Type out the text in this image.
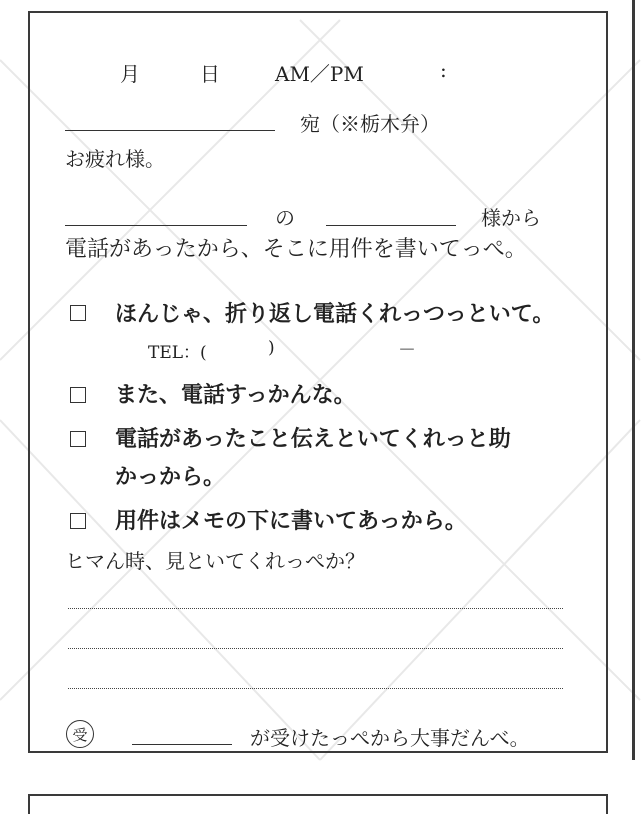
月	日	AM／PM	:
宛（※栃木弁）
お疲れ様。
の	様から
電話があったから、そこに用件を書いてっぺ。
ほんじゃ、折り返し電話くれっつっといて。
TEL：(	)	－
また、電話すっかんな。
電話があったこと伝えといてくれっと助
かっから。
用件はメモの下に書いてあっから。
ヒマん時、見といてくれっぺか？
受	が受けたっぺから大事だんべ。
